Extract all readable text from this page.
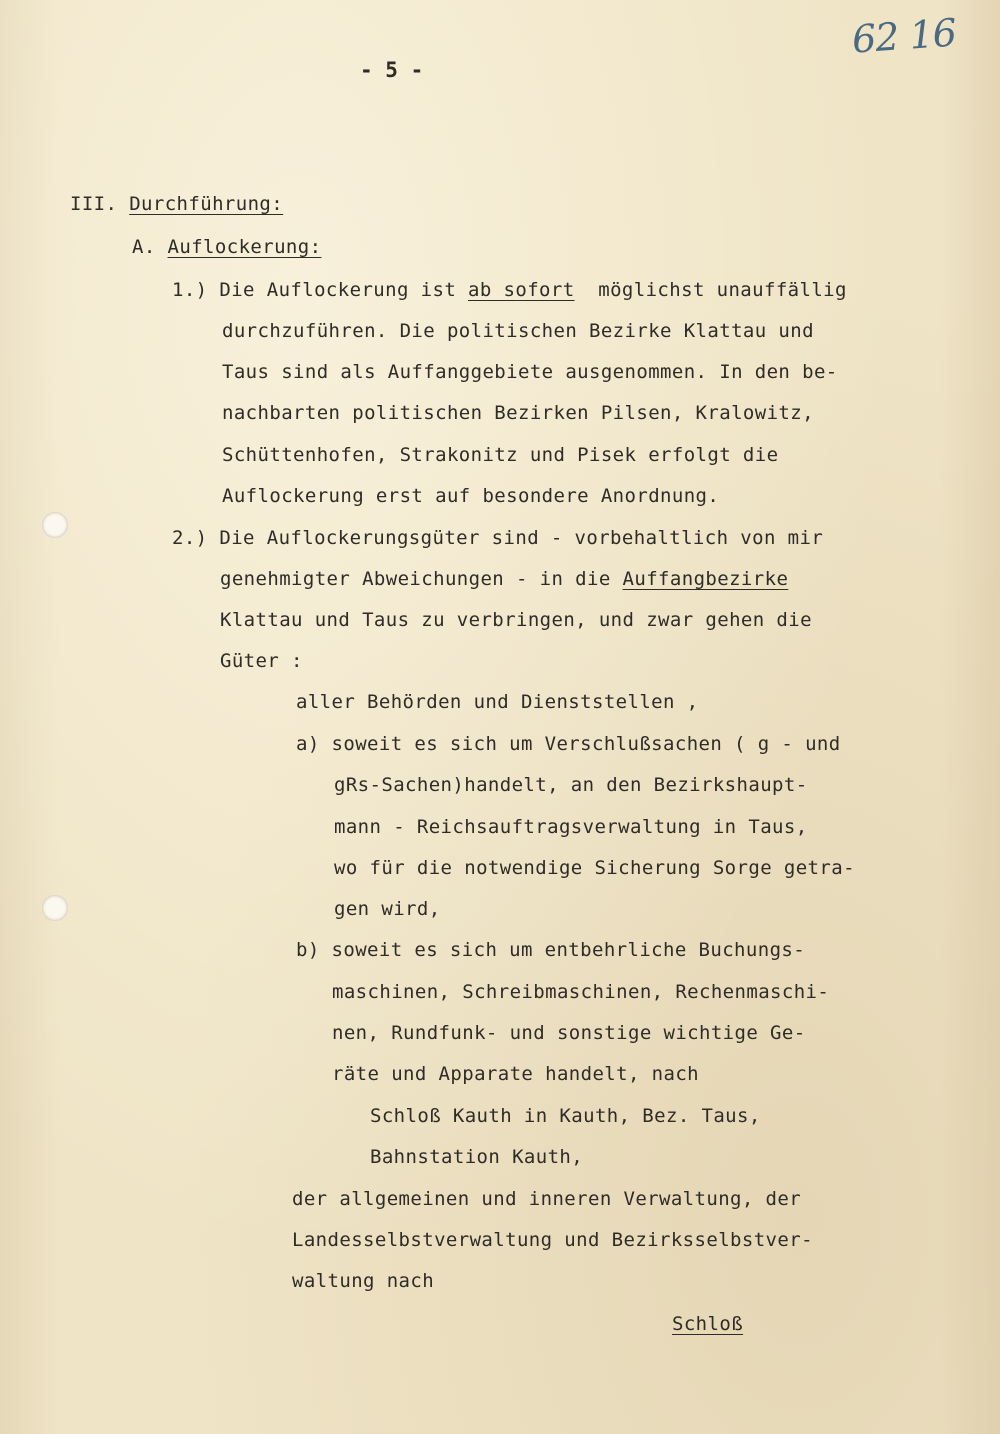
62 16
- 5 -
III. Durchführung:
A. Auflockerung:
1.) Die Auflockerung ist ab sofort  möglichst unauffällig
durchzuführen. Die politischen Bezirke Klattau und
Taus sind als Auffanggebiete ausgenommen. In den be-
nachbarten politischen Bezirken Pilsen, Kralowitz,
Schüttenhofen, Strakonitz und Pisek erfolgt die
Auflockerung erst auf besondere Anordnung.
2.) Die Auflockerungsgüter sind - vorbehaltlich von mir
genehmigter Abweichungen - in die Auffangbezirke
Klattau und Taus zu verbringen, und zwar gehen die
Güter :
aller Behörden und Dienststellen ,
a) soweit es sich um Verschlußsachen ( g - und
gRs-Sachen)handelt, an den Bezirkshaupt-
mann - Reichsauftragsverwaltung in Taus,
wo für die notwendige Sicherung Sorge getra-
gen wird,
b) soweit es sich um entbehrliche Buchungs-
maschinen, Schreibmaschinen, Rechenmaschi-
nen, Rundfunk- und sonstige wichtige Ge-
räte und Apparate handelt, nach
Schloß Kauth in Kauth, Bez. Taus,
Bahnstation Kauth,
der allgemeinen und inneren Verwaltung, der
Landesselbstverwaltung und Bezirksselbstver-
waltung nach
Schloß
